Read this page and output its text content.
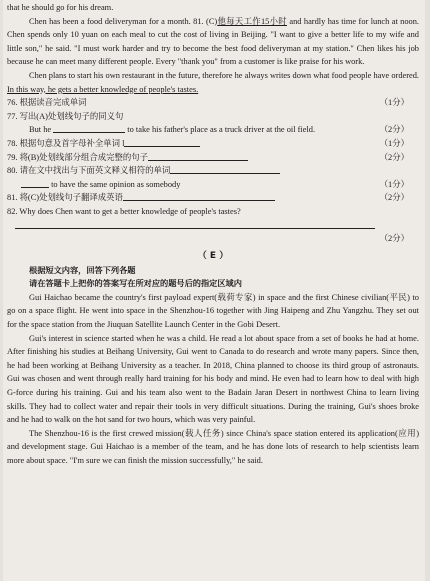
that he should go for his dream.

Chen has been a food deliveryman for a month. 81. (C)他每天工作15小时 and hardly has time for lunch at noon. Chen spends only 10 yuan on each meal to cut the cost of living in Beijing. "I want to give a better life to my wife and little son," he said. "I must work harder and try to become the best food deliveryman at my station." Chen likes his job because he can meet many different people. Every "thank you" from a customer is like praise for his work.

Chen plans to start his own restaurant in the future, therefore he always writes down what food people have ordered. In this way, he gets a better knowledge of people's tastes.

76. 根据读音完成单词	（1分）
77. 写出(A)处划线句子的同义句
But he	to take his father's place as a truck driver at the oil field.	（2分）
78. 根据句意及首字母补全单词 l	（1分）
79. 将(B)处划线部分组合成完整的句子	（2分）
80. 请在文中找出与下面英文释义相符的单词
to have the same opinion as somebody	（1分）
81. 将(C)处划线句子翻译成英语	（2分）
82. Why does Chen want to get a better knowledge of people's tastes?
（2分）

（ E ）
根据短文内容，回答下列各题
请在答题卡上把你的答案写在所对应的题号后的指定区域内

Gui Haichao became the country's first payload expert(载荷专家) in space and the first Chinese civilian(平民) to go on a space flight. He went into space in the Shenzhou-16 together with Jing Haipeng and Zhu Yangzhu. They set out for the space station from the Jiuquan Satellite Launch Center in the Gobi Desert.

Gui's interest in science started when he was a child. He read a lot about space from a set of books he had at home. After finishing his studies at Beihang University, Gui went to Canada to do research and wrote many papers. Since then, he had been working at Beihang University as a teacher. In 2018, China planned to choose its third group of astronauts. Gui was chosen and went through really hard training for his body and mind. He even had to learn how to deal with high G-force during his training. Gui and his team also went to the Badain Jaran Desert in northwest China to learn living skills. They had to collect water and repair their tools in very difficult situations. During the training, Gui's shoes broke and he had to walk on the hot sand for two hours, which was very painful.

The Shenzhou-16 is the first crewed mission(载人任务) since China's space station entered its application(应用) and development stage. Gui Haichao is a member of the team, and he has done lots of research to help scientists learn more about space. "I'm sure we can finish the mission successfully," he said.
